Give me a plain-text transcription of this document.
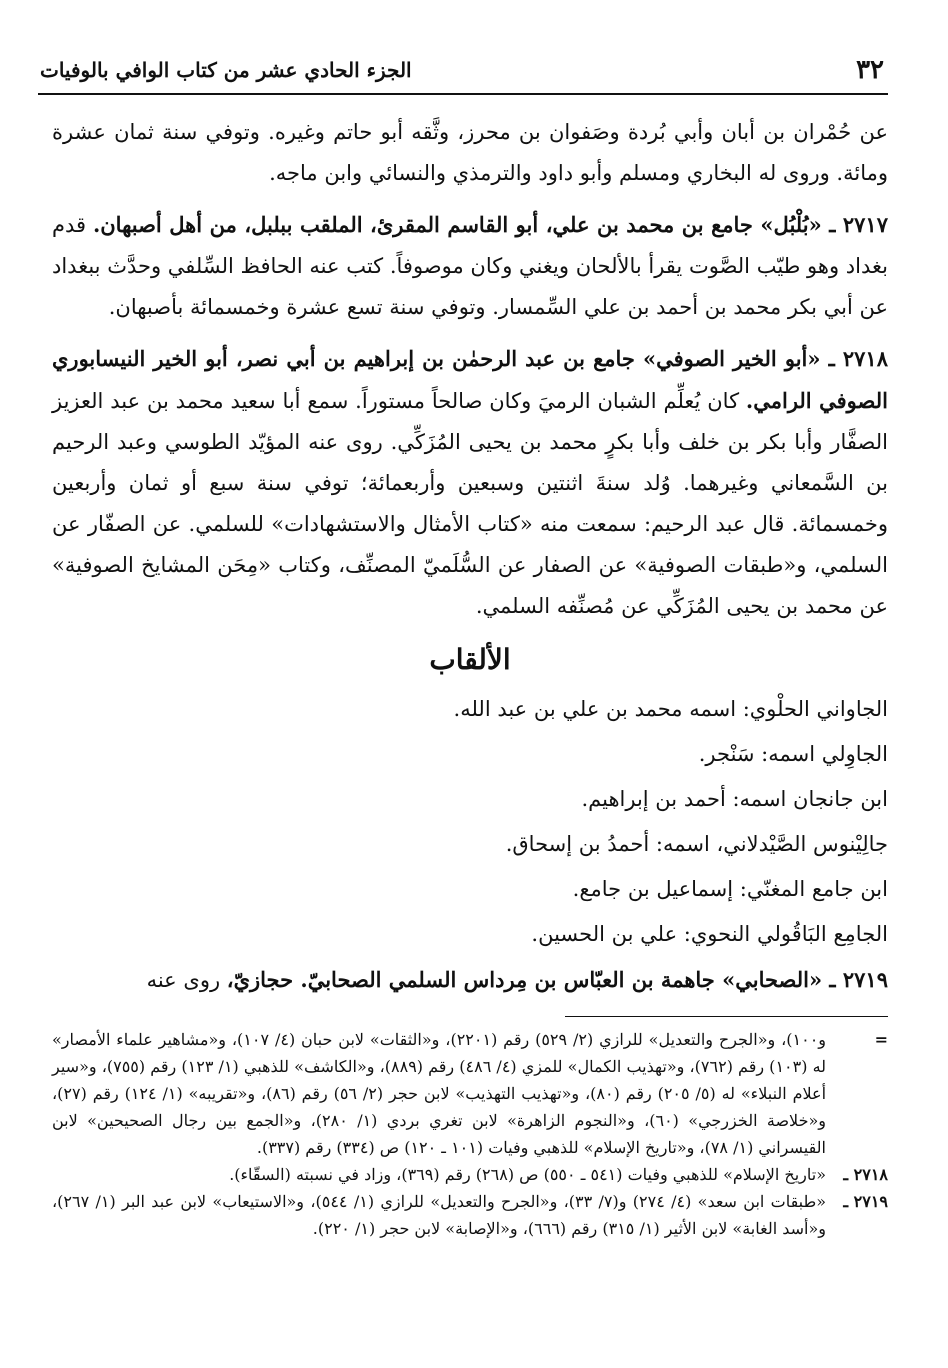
٣٢
الجزء الحادي عشر من كتاب الوافي بالوفيات

عن حُمْران بن أبان وأبي بُردة وصَفوان بن محرز، وثَّقه أبو حاتم وغيره. وتوفي سنة ثمان عشرة ومائة. وروى له البخاري ومسلم وأبو داود والترمذي والنسائي وابن ماجه.

٢٧١٧ ـ «بُلْبُل» جامع بن محمد بن علي، أبو القاسم المقرئ، الملقب ببلبل، من أهل أصبهان. قدم بغداد وهو طيّب الصَّوت يقرأ بالألحان ويغني وكان موصوفاً. كتب عنه الحافظ السِّلفي وحدَّث ببغداد عن أبي بكر محمد بن أحمد بن علي السِّمسار. وتوفي سنة تسع عشرة وخمسمائة بأصبهان.

٢٧١٨ ـ «أبو الخير الصوفي» جامع بن عبد الرحمٰن بن إبراهيم بن أبي نصر، أبو الخير النيسابوري الصوفي الرامي. كان يُعلِّم الشبان الرميَ وكان صالحاً مستوراً. سمع أبا سعيد محمد بن عبد العزيز الصفَّار وأبا بكر بن خلف وأبا بكرٍ محمد بن يحيى المُزَكِّي. روى عنه المؤيّد الطوسي وعبد الرحيم بن السَّمعاني وغيرهما. وُلد سنةَ اثنتين وسبعين وأربعمائة؛ توفي سنة سبع أو ثمان وأربعين وخمسمائة. قال عبد الرحيم: سمعت منه «كتاب الأمثال والاستشهادات» للسلمي. عن الصفّار عن السلمي، و«طبقات الصوفية» عن الصفار عن السُّلَميّ المصنِّف، وكتاب «مِحَن المشايخ الصوفية» عن محمد بن يحيى المُزَكِّي عن مُصنِّفه السلمي.

الألقاب
الجاواني الحلْوي: اسمه محمد بن علي بن عبد الله.
الجاوِلي اسمه: سَنْجر.
ابن جانجان اسمه: أحمد بن إبراهيم.
جالِيْنوس الصَّيْدلاني، اسمه: أحمدُ بن إسحاق.
ابن جامع المغنّي: إسماعيل بن جامع.
الجامِع البَاقُولي النحوي: علي بن الحسين.

٢٧١٩ ـ «الصحابي» جاهمة بن العبّاس بن مِرداس السلمي الصحابيّ. حجازيّ، روى عنه

=
و١٠٠)، و«الجرح والتعديل» للرازي (٢/ ٥٢٩) رقم (٢٢٠١)، و«الثقات» لابن حبان (٤/ ١٠٧)، و«مشاهير علماء الأمصار» له (١٠٣) رقم (٧٦٢)، و«تهذيب الكمال» للمزي (٤/ ٤٨٦) رقم (٨٨٩)، و«الكاشف» للذهبي (١/ ١٢٣) رقم (٧٥٥)، و«سير أعلام النبلاء» له (٥/ ٢٠٥) رقم (٨٠)، و«تهذيب التهذيب» لابن حجر (٢/ ٥٦) رقم (٨٦)، و«تقريبه» (١/ ١٢٤) رقم (٢٧)، و«خلاصة الخزرجي» (٦٠)، و«النجوم الزاهرة» لابن تغري بردي (١/ ٢٨٠)، و«الجمع بين رجال الصحيحين» لابن القيسراني (١/ ٧٨)، و«تاريخ الإسلام» للذهبي وفيات (١٠١ ـ ١٢٠) ص (٣٣٤) رقم (٣٣٧).
٢٧١٨ ـ
«تاريخ الإسلام» للذهبي وفيات (٥٤١ ـ ٥٥٠) ص (٢٦٨) رقم (٣٦٩)، وزاد في نسبته (السقّاء).
٢٧١٩ ـ
«طبقات ابن سعد» (٤/ ٢٧٤) و(٧/ ٣٣)، و«الجرح والتعديل» للرازي (١/ ٥٤٤)، و«الاستيعاب» لابن عبد البر (١/ ٢٦٧)، و«أسد الغابة» لابن الأثير (١/ ٣١٥) رقم (٦٦٦)، و«الإصابة» لابن حجر (١/ ٢٢٠).
